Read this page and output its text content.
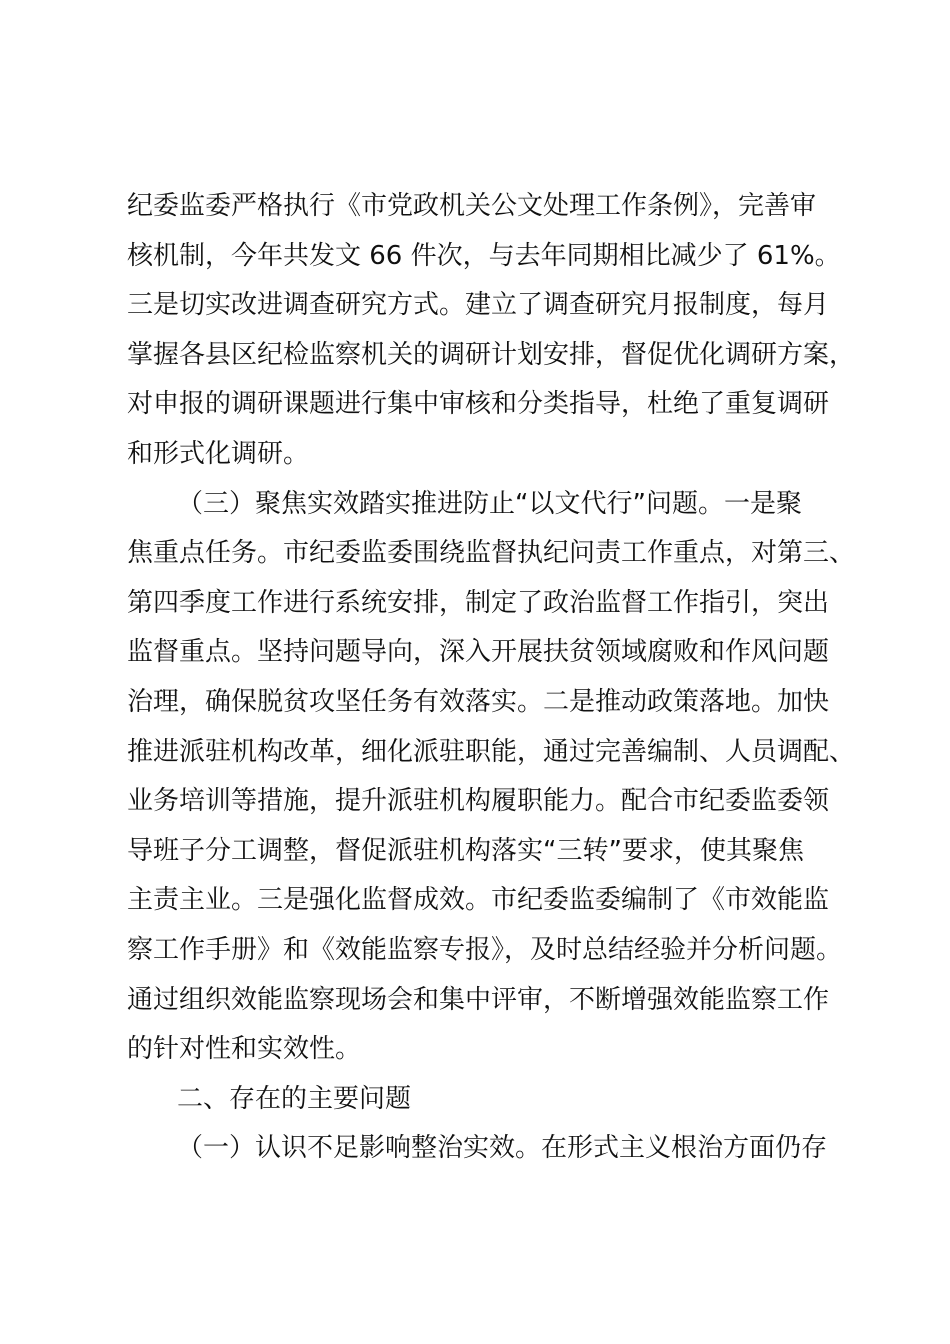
纪委监委严格执行《市党政机关公文处理工作条例》，完善审
核机制，今年共发文 66 件次，与去年同期相比减少了 61%。
三是切实改进调查研究方式。建立了调查研究月报制度，每月
掌握各县区纪检监察机关的调研计划安排，督促优化调研方案，
对申报的调研课题进行集中审核和分类指导，杜绝了重复调研
和形式化调研。
（三）聚焦实效踏实推进防止“以文代行”问题。一是聚
焦重点任务。市纪委监委围绕监督执纪问责工作重点，对第三、
第四季度工作进行系统安排，制定了政治监督工作指引，突出
监督重点。坚持问题导向，深入开展扶贫领域腐败和作风问题
治理，确保脱贫攻坚任务有效落实。二是推动政策落地。加快
推进派驻机构改革，细化派驻职能，通过完善编制、人员调配、
业务培训等措施，提升派驻机构履职能力。配合市纪委监委领
导班子分工调整，督促派驻机构落实“三转”要求，使其聚焦
主责主业。三是强化监督成效。市纪委监委编制了《市效能监
察工作手册》和《效能监察专报》，及时总结经验并分析问题。
通过组织效能监察现场会和集中评审，不断增强效能监察工作
的针对性和实效性。
二、存在的主要问题
（一）认识不足影响整治实效。在形式主义根治方面仍存
